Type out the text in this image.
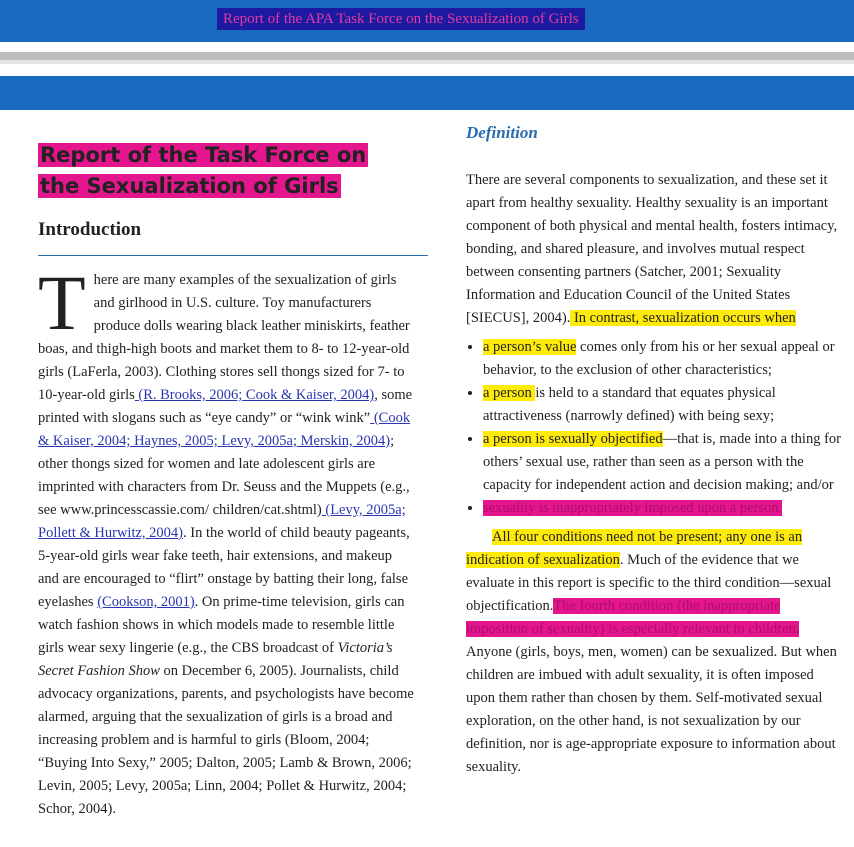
Report of the APA Task Force on the Sexualization of Girls
Report of the Task Force on
the Sexualization of Girls
Introduction
T here are many examples of the sexualization of girls and girlhood in U.S. culture. Toy manufacturers produce dolls wearing black leather miniskirts, feather boas, and thigh-high boots and market them to 8- to 12-year-old girls (LaFerla, 2003). Clothing stores sell thongs sized for 7- to 10-year-old girls (R. Brooks, 2006; Cook & Kaiser, 2004), some printed with slogans such as “eye candy” or “wink wink” (Cook & Kaiser, 2004; Haynes, 2005; Levy, 2005a; Merskin, 2004); other thongs sized for women and late adolescent girls are imprinted with characters from Dr. Seuss and the Muppets (e.g., see www.princesscassie.com/ children/cat.shtml) (Levy, 2005a; Pollett & Hurwitz, 2004). In the world of child beauty pageants, 5-year-old girls wear fake teeth, hair extensions, and makeup and are encouraged to “flirt” onstage by batting their long, false eyelashes (Cookson, 2001). On prime-time television, girls can watch fashion shows in which models made to resemble little girls wear sexy lingerie (e.g., the CBS broadcast of Victoria’s Secret Fashion Show on December 6, 2005). Journalists, child advocacy organizations, parents, and psychologists have become alarmed, arguing that the sexualization of girls is a broad and increasing problem and is harmful to girls (Bloom, 2004; “Buying Into Sexy,” 2005; Dalton, 2005; Lamb & Brown, 2006; Levin, 2005; Levy, 2005a; Linn, 2004; Pollet & Hurwitz, 2004; Schor, 2004).

Definition

There are several components to sexualization, and these set it apart from healthy sexuality. Healthy sexuality is an important component of both physical and mental health, fosters intimacy, bonding, and shared pleasure, and involves mutual respect between consenting partners (Satcher, 2001; Sexuality Information and Education Council of the United States [SIECUS], 2004). In contrast, sexualization occurs when

• a person’s value comes only from his or her sexual appeal or behavior, to the exclusion of other characteristics;
• a person is held to a standard that equates physical attractiveness (narrowly defined) with being sexy;
• a person is sexually objectified—that is, made into a thing for others’ sexual use, rather than seen as a person with the capacity for independent action and decision making; and/or
• sexuality is inappropriately imposed upon a person.

All four conditions need not be present; any one is an indication of sexualization. Much of the evidence that we evaluate in this report is specific to the third condition—sexual objectification.The fourth condition (the inappropriate imposition of sexuality) is especially relevant to children. Anyone (girls, boys, men, women) can be sexualized. But when children are imbued with adult sexuality, it is often imposed upon them rather than chosen by them. Self-motivated sexual exploration, on the other hand, is not sexualization by our definition, nor is age-appropriate exposure to information about sexuality.
